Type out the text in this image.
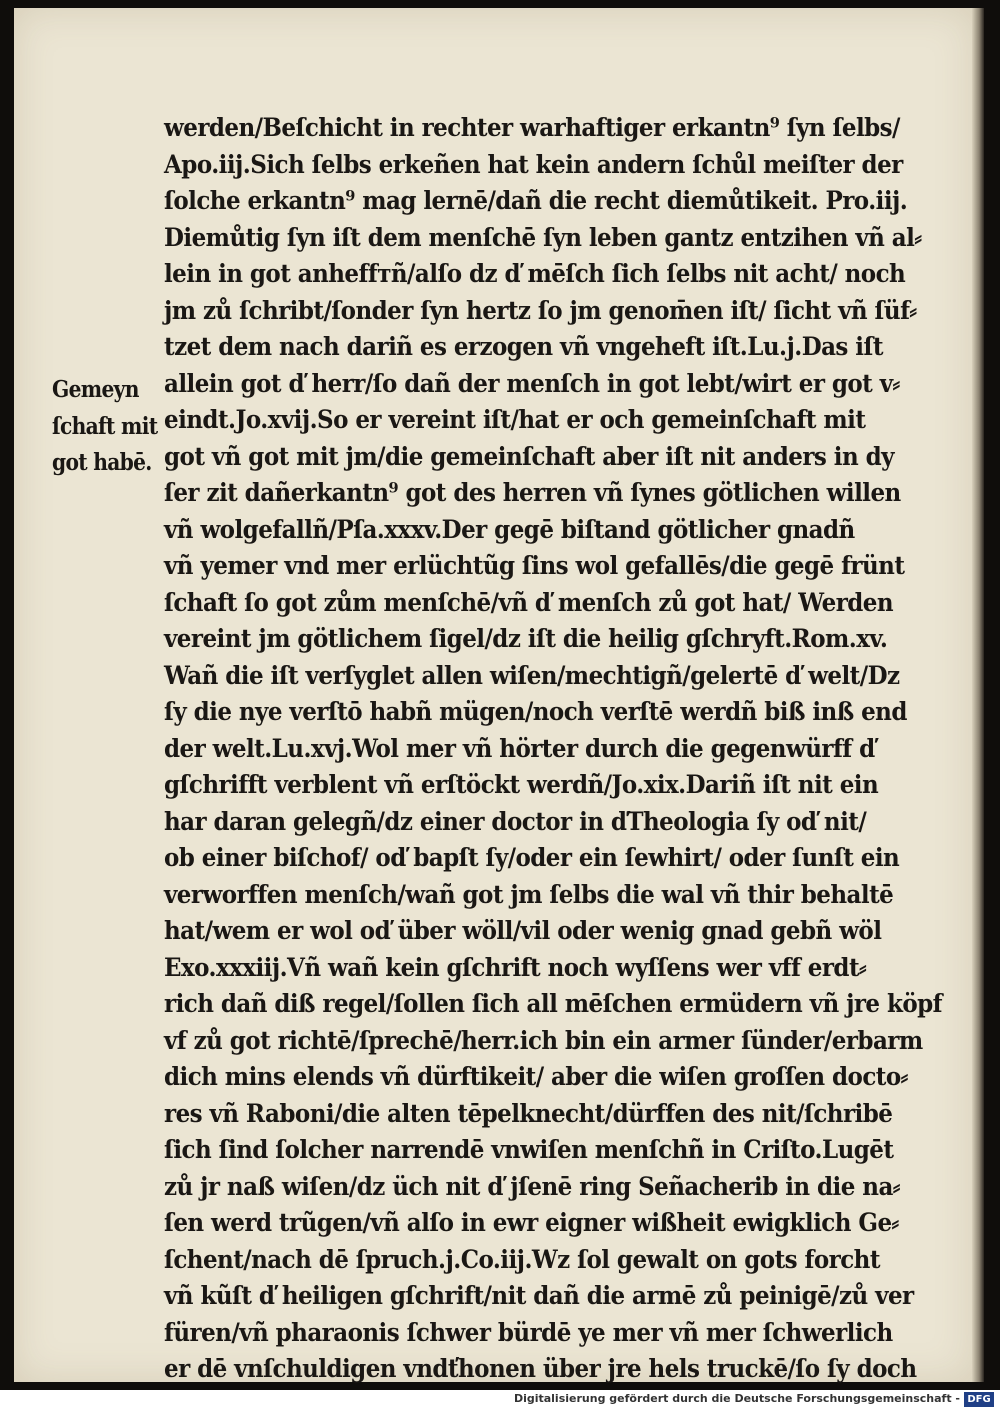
Gemeyn
ſchaft mit
got habē.
werden/Beſchicht in rechter warhaftiger erkantn⁹ ſyn ſelbs/
Apo.iij.Sich ſelbs erkeñen hat kein andern ſchůl meiſter der
ſolche erkantn⁹ mag lernē/dañ die recht diemůtikeit. Pro.iij.
Diemůtig ſyn iſt dem menſchē ſyn leben gantz entzihen vñ al⸗
lein in got anheffтñ/alſo dz ď mēſch ſich ſelbs nit acht/ noch
jm zů ſchribt/ſonder ſyn hertz ſo jm genom̄en iſt/ ſicht vñ ſüf⸗
tzet dem nach dariñ es erzogen vñ vngeheft iſt.Lu.j.Das iſt
allein got ď herr/ſo dañ der menſch in got lebt/wirt er got v⸗
eindt.Jo.xvij.So er vereint iſt/hat er och gemeinſchaft mit
got vñ got mit jm/die gemeinſchaft aber iſt nit anders in dy
ſer zit dañerkantn⁹ got des herren vñ ſynes götlichen willen
vñ wolgefallñ/Pſa.xxxv.Der gegē biſtand götlicher gnadñ
vñ yemer vnd mer erlüchtũg ſins wol gefallēs/die gegē frünt
ſchaft ſo got zům menſchē/vñ ď menſch zů got hat/ Werden
vereint jm götlichem ſigel/dz iſt die heilig gſchryft.Rom.xv.
Wañ die iſt verſyglet allen wiſen/mechtigñ/gelertē ď welt/Dz
ſy die nye verſtō habñ mügen/noch verſtē werdñ biß inß end
der welt.Lu.xvj.Wol mer vñ hörter durch die gegenwürff ď
gſchrifft verblent vñ erſtöckt werdñ/Jo.xix.Dariñ iſt nit ein
har daran gelegñ/dz einer doctor in ďTheologia ſy oď nit/
ob einer biſchof/ oď bapſt ſy/oder ein ſewhirt/ oder ſunſt ein
verworffen menſch/wañ got jm ſelbs die wal vñ thir behaltē
hat/wem er wol oď über wöll/vil oder wenig gnad gebñ wöl
Exo.xxxiij.Vñ wañ kein gſchrift noch wyſſens wer vff erdt⸗
rich dañ diß regel/ſollen ſich all mēſchen ermüdern vñ jre köpf
vf zů got richtē/ſprechē/herr.ich bin ein armer ſünder/erbarm
dich mins elends vñ dürftikeit/ aber die wiſen groſſen docto⸗
res vñ Raboni/die alten tēpelknecht/dürffen des nit/ſchribē
ſich ſind ſolcher narrendē vnwiſen menſchñ in Criſto.Lugēt
zů jr naß wiſen/dz üch nit ď jſenē ring Señacherib in die na⸗
ſen werd trũgen/vñ alſo in ewr eigner wißheit ewigklich Ge⸗
ſchent/nach dē ſpruch.j.Co.iij.Wz ſol gewalt on gots forcht
vñ kũſt ď heiligen gſchrift/nit dañ die armē zů peinigē/zů ver
füren/vñ pharaonis ſchwer bürdē ye mer vñ mer ſchwerlich
er dē vnſchuldigen vndťhonen über jre hels truckē/ſo ſy doch
Digitalisierung gefördert durch die Deutsche Forschungsgemeinschaft - DFG
